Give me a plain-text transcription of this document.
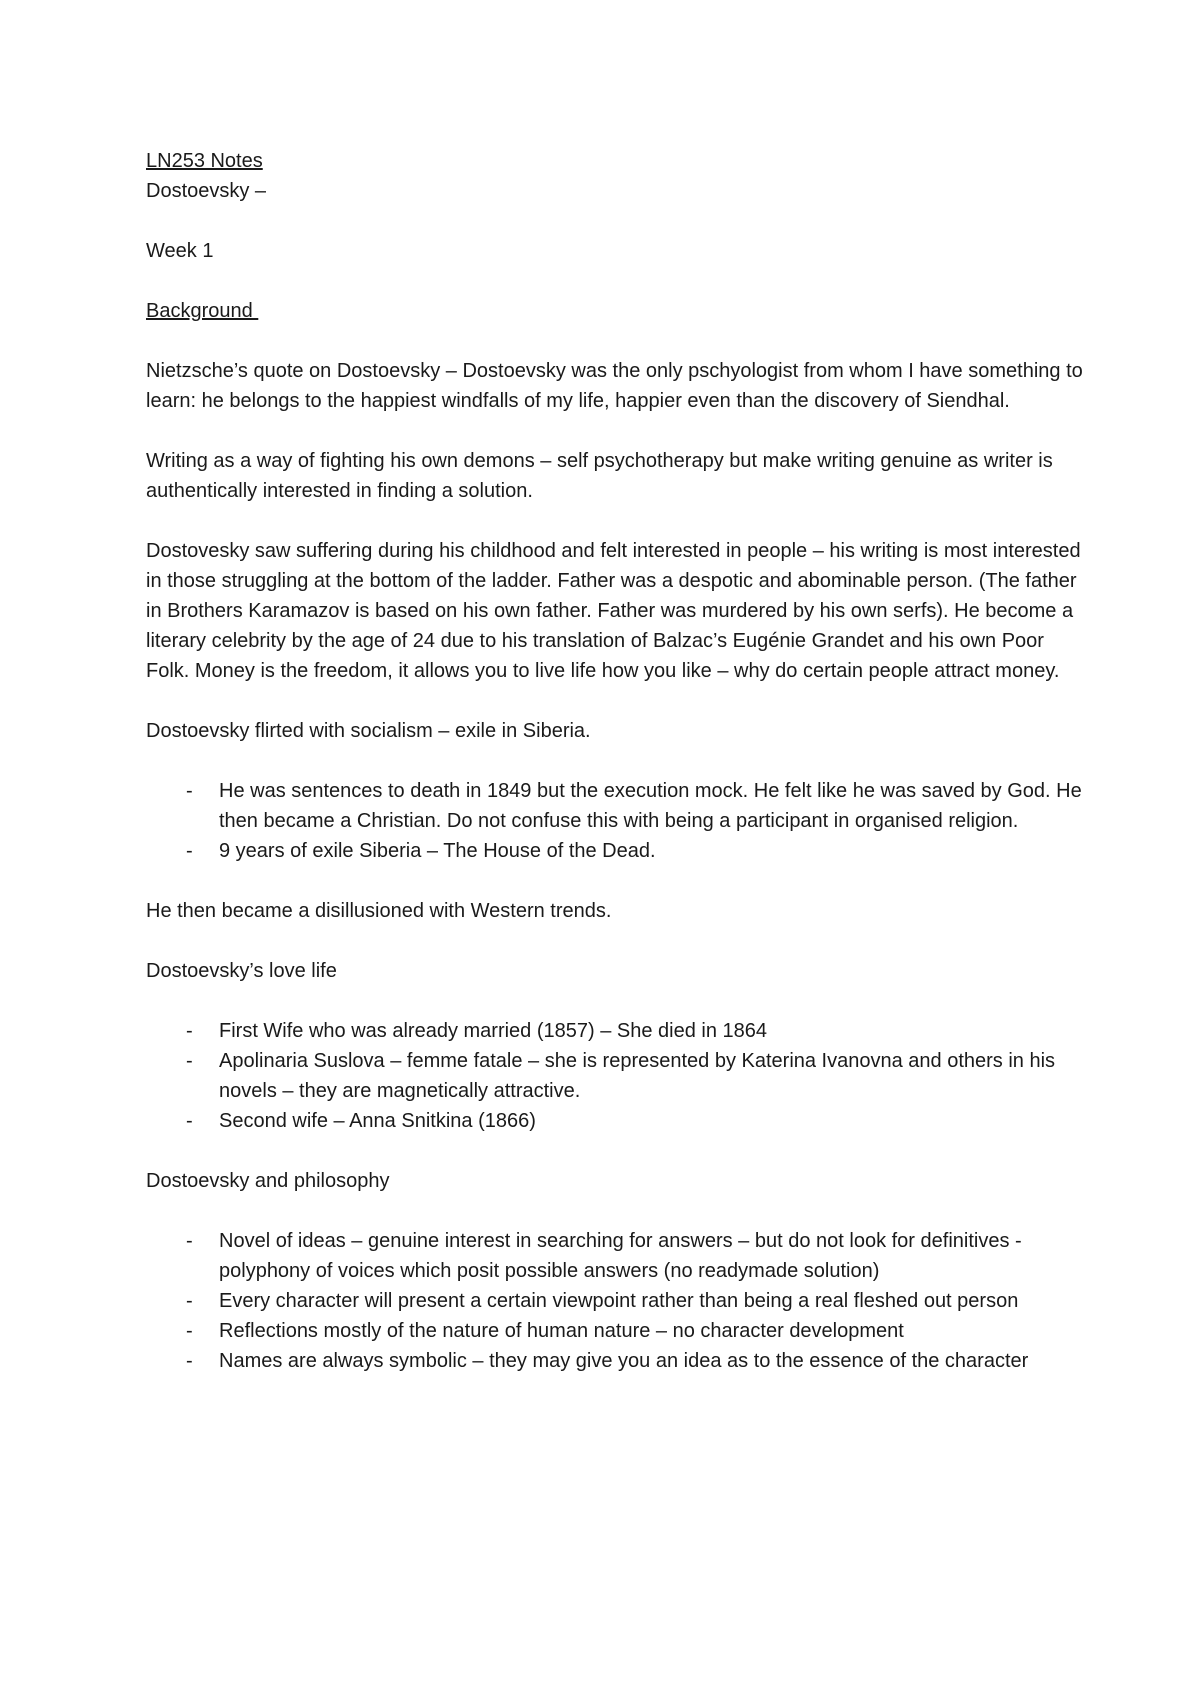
LN253 Notes

Dostoevsky –

Week 1

Background

Nietzsche’s quote on Dostoevsky – Dostoevsky was the only pschyologist from whom I have something to learn: he belongs to the happiest windfalls of my life, happier even than the discovery of Siendhal.

Writing as a way of fighting his own demons – self psychotherapy but make writing genuine as writer is authentically interested in finding a solution.

Dostovesky saw suffering during his childhood and felt interested in people – his writing is most interested in those struggling at the bottom of the ladder. Father was a despotic and abominable person. (The father in Brothers Karamazov is based on his own father. Father was murdered by his own serfs). He become a literary celebrity by the age of 24 due to his translation of Balzac’s Eugénie Grandet and his own Poor Folk. Money is the freedom, it allows you to live life how you like – why do certain people attract money.

Dostoevsky flirted with socialism – exile in Siberia.

- He was sentences to death in 1849 but the execution mock. He felt like he was saved by God. He then became a Christian. Do not confuse this with being a participant in organised religion.
- 9 years of exile Siberia – The House of the Dead.

He then became a disillusioned with Western trends.

Dostoevsky’s love life

- First Wife who was already married (1857) – She died in 1864
- Apolinaria Suslova – femme fatale – she is represented by Katerina Ivanovna and others in his novels – they are magnetically attractive.
- Second wife – Anna Snitkina (1866)

Dostoevsky and philosophy

- Novel of ideas – genuine interest in searching for answers – but do not look for definitives - polyphony of voices which posit possible answers (no readymade solution)
- Every character will present a certain viewpoint rather than being a real fleshed out person
- Reflections mostly of the nature of human nature – no character development
- Names are always symbolic – they may give you an idea as to the essence of the character
